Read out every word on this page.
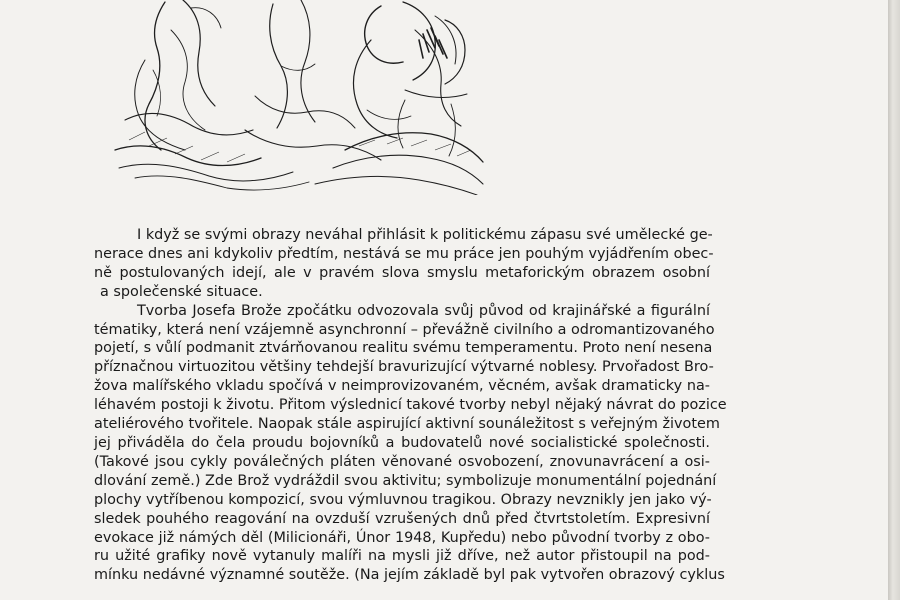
I když se svými obrazy neváhal přihlásit k politickému zápasu své umělecké ge-
nerace dnes ani kdykoliv předtím, nestává se mu práce jen pouhým vyjádřením obec-
ně postulovaných idejí, ale v pravém slova smyslu metaforickým obrazem osobní
a společenské situace.
Tvorba Josefa Brože zpočátku odvozovala svůj původ od krajinářské a figurální
tématiky, která není vzájemně asynchronní – převážně civilního a odromantizovaného
pojetí, s vůlí podmanit ztvárňovanou realitu svému temperamentu. Proto není nesena
příznačnou virtuozitou většiny tehdejší bravurizující výtvarné noblesy. Prvořadost Bro-
žova malířského vkladu spočívá v neimprovizovaném, věcném, avšak dramaticky na-
léhavém postoji k životu. Přitom výslednicí takové tvorby nebyl nějaký návrat do pozice
ateliérového tvořitele. Naopak stále aspirující aktivní sounáležitost s veřejným životem
jej přiváděla do čela proudu bojovníků a budovatelů nové socialistické společnosti.
(Takové jsou cykly poválečných pláten věnované osvobození, znovunavrácení a osi-
dlování země.) Zde Brož vydráždil svou aktivitu; symbolizuje monumentální pojednání
plochy vytříbenou kompozicí, svou výmluvnou tragikou. Obrazy nevznikly jen jako vý-
sledek pouhého reagování na ovzduší vzrušených dnů před čtvrtstoletím. Expresivní
evokace již námých děl (Milicionáři, Únor 1948, Kupředu) nebo původní tvorby z obo-
ru užité grafiky nově vytanuly malíři na mysli již dříve, než autor přistoupil na pod-
mínku nedávné významné soutěže. (Na jejím základě byl pak vytvořen obrazový cyklus
